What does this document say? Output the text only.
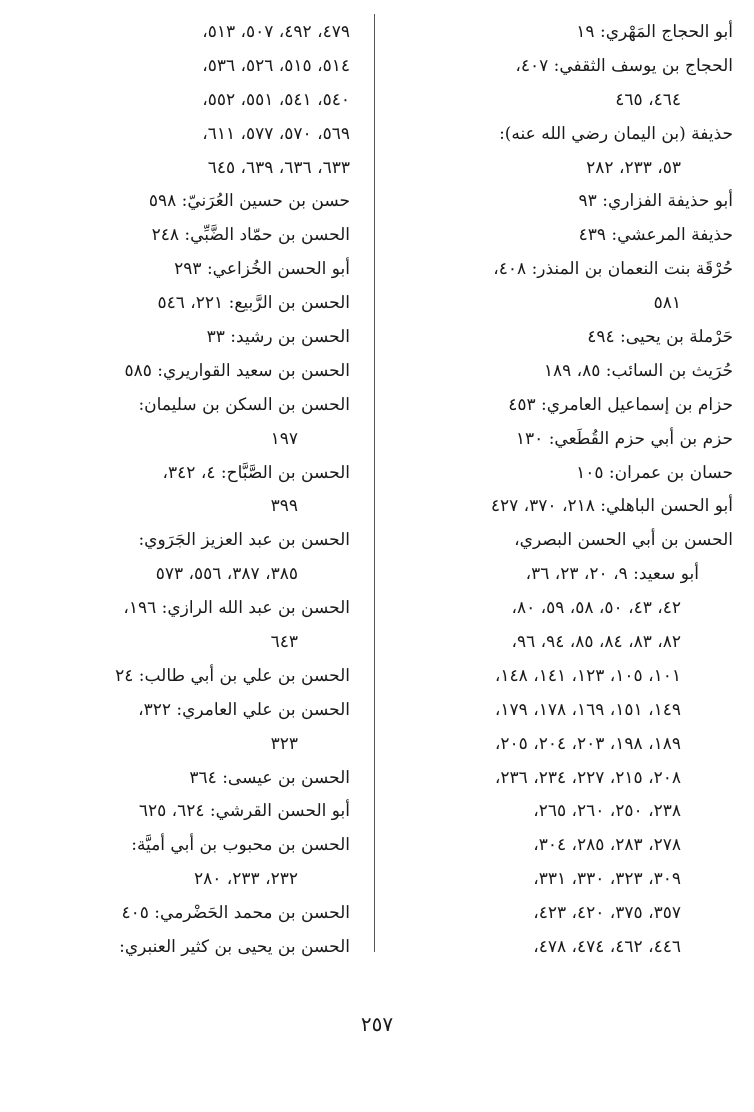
أبو الحجاج المَهْري: ١٩
الحجاج بن يوسف الثقفي: ٤٠٧،
٤٦٤، ٤٦٥
حذيفة (بن اليمان رضي الله عنه):
٥٣، ٢٣٣، ٢٨٢
أبو حذيفة الفزاري: ٩٣
حذيفة المرعشي: ٤٣٩
حُرْقَة بنت النعمان بن المنذر: ٤٠٨،
٥٨١
حَرْملة بن يحيى: ٤٩٤
حُرَيث بن السائب: ٨٥، ١٨٩
حزام بن إسماعيل العامري: ٤٥٣
حزم بن أبي حزم القُطَعي: ١٣٠
حسان بن عمران: ١٠٥
أبو الحسن الباهلي: ٢١٨، ٣٧٠، ٤٢٧
الحسن بن أبي الحسن البصري،
أبو سعيد: ٩، ٢٠، ٢٣، ٣٦،
٤٢، ٤٣، ٥٠، ٥٨، ٥٩، ٨٠،
٨٢، ٨٣، ٨٤، ٨٥، ٩٤، ٩٦،
١٠١، ١٠٥، ١٢٣، ١٤١، ١٤٨،
١٤٩، ١٥١، ١٦٩، ١٧٨، ١٧٩،
١٨٩، ١٩٨، ٢٠٣، ٢٠٤، ٢٠٥،
٢٠٨، ٢١٥، ٢٢٧، ٢٣٤، ٢٣٦،
٢٣٨، ٢٥٠، ٢٦٠، ٢٦٥،
٢٧٨، ٢٨٣، ٢٨٥، ٣٠٤،
٣٠٩، ٣٢٣، ٣٣٠، ٣٣١،
٣٥٧، ٣٧٥، ٤٢٠، ٤٢٣،
٤٤٦، ٤٦٢، ٤٧٤، ٤٧٨،
٤٧٩، ٤٩٢، ٥٠٧، ٥١٣،
٥١٤، ٥١٥، ٥٢٦، ٥٣٦،
٥٤٠، ٥٤١، ٥٥١، ٥٥٢،
٥٦٩، ٥٧٠، ٥٧٧، ٦١١،
٦٣٣، ٦٣٦، ٦٣٩، ٦٤٥
حسن بن حسين العُرَنيّ: ٥٩٨
الحسن بن حمّاد الضَّبِّي: ٢٤٨
أبو الحسن الخُزاعي: ٢٩٣
الحسن بن الرَّبيع: ٢٢١، ٥٤٦
الحسن بن رشيد: ٣٣
الحسن بن سعيد القواريري: ٥٨٥
الحسن بن السكن بن سليمان:
١٩٧
الحسن بن الصَّبَّاح: ٤، ٣٤٢،
٣٩٩
الحسن بن عبد العزيز الجَرَوي:
٣٨٥، ٣٨٧، ٥٥٦، ٥٧٣
الحسن بن عبد الله الرازي: ١٩٦،
٦٤٣
الحسن بن علي بن أبي طالب: ٢٤
الحسن بن علي العامري: ٣٢٢،
٣٢٣
الحسن بن عيسى: ٣٦٤
أبو الحسن القرشي: ٦٢٤، ٦٢٥
الحسن بن محبوب بن أبي أميَّة:
٢٣٢، ٢٣٣، ٢٨٠
الحسن بن محمد الحَضْرمي: ٤٠٥
الحسن بن يحيى بن كثير العنبري:
٢٥٧
